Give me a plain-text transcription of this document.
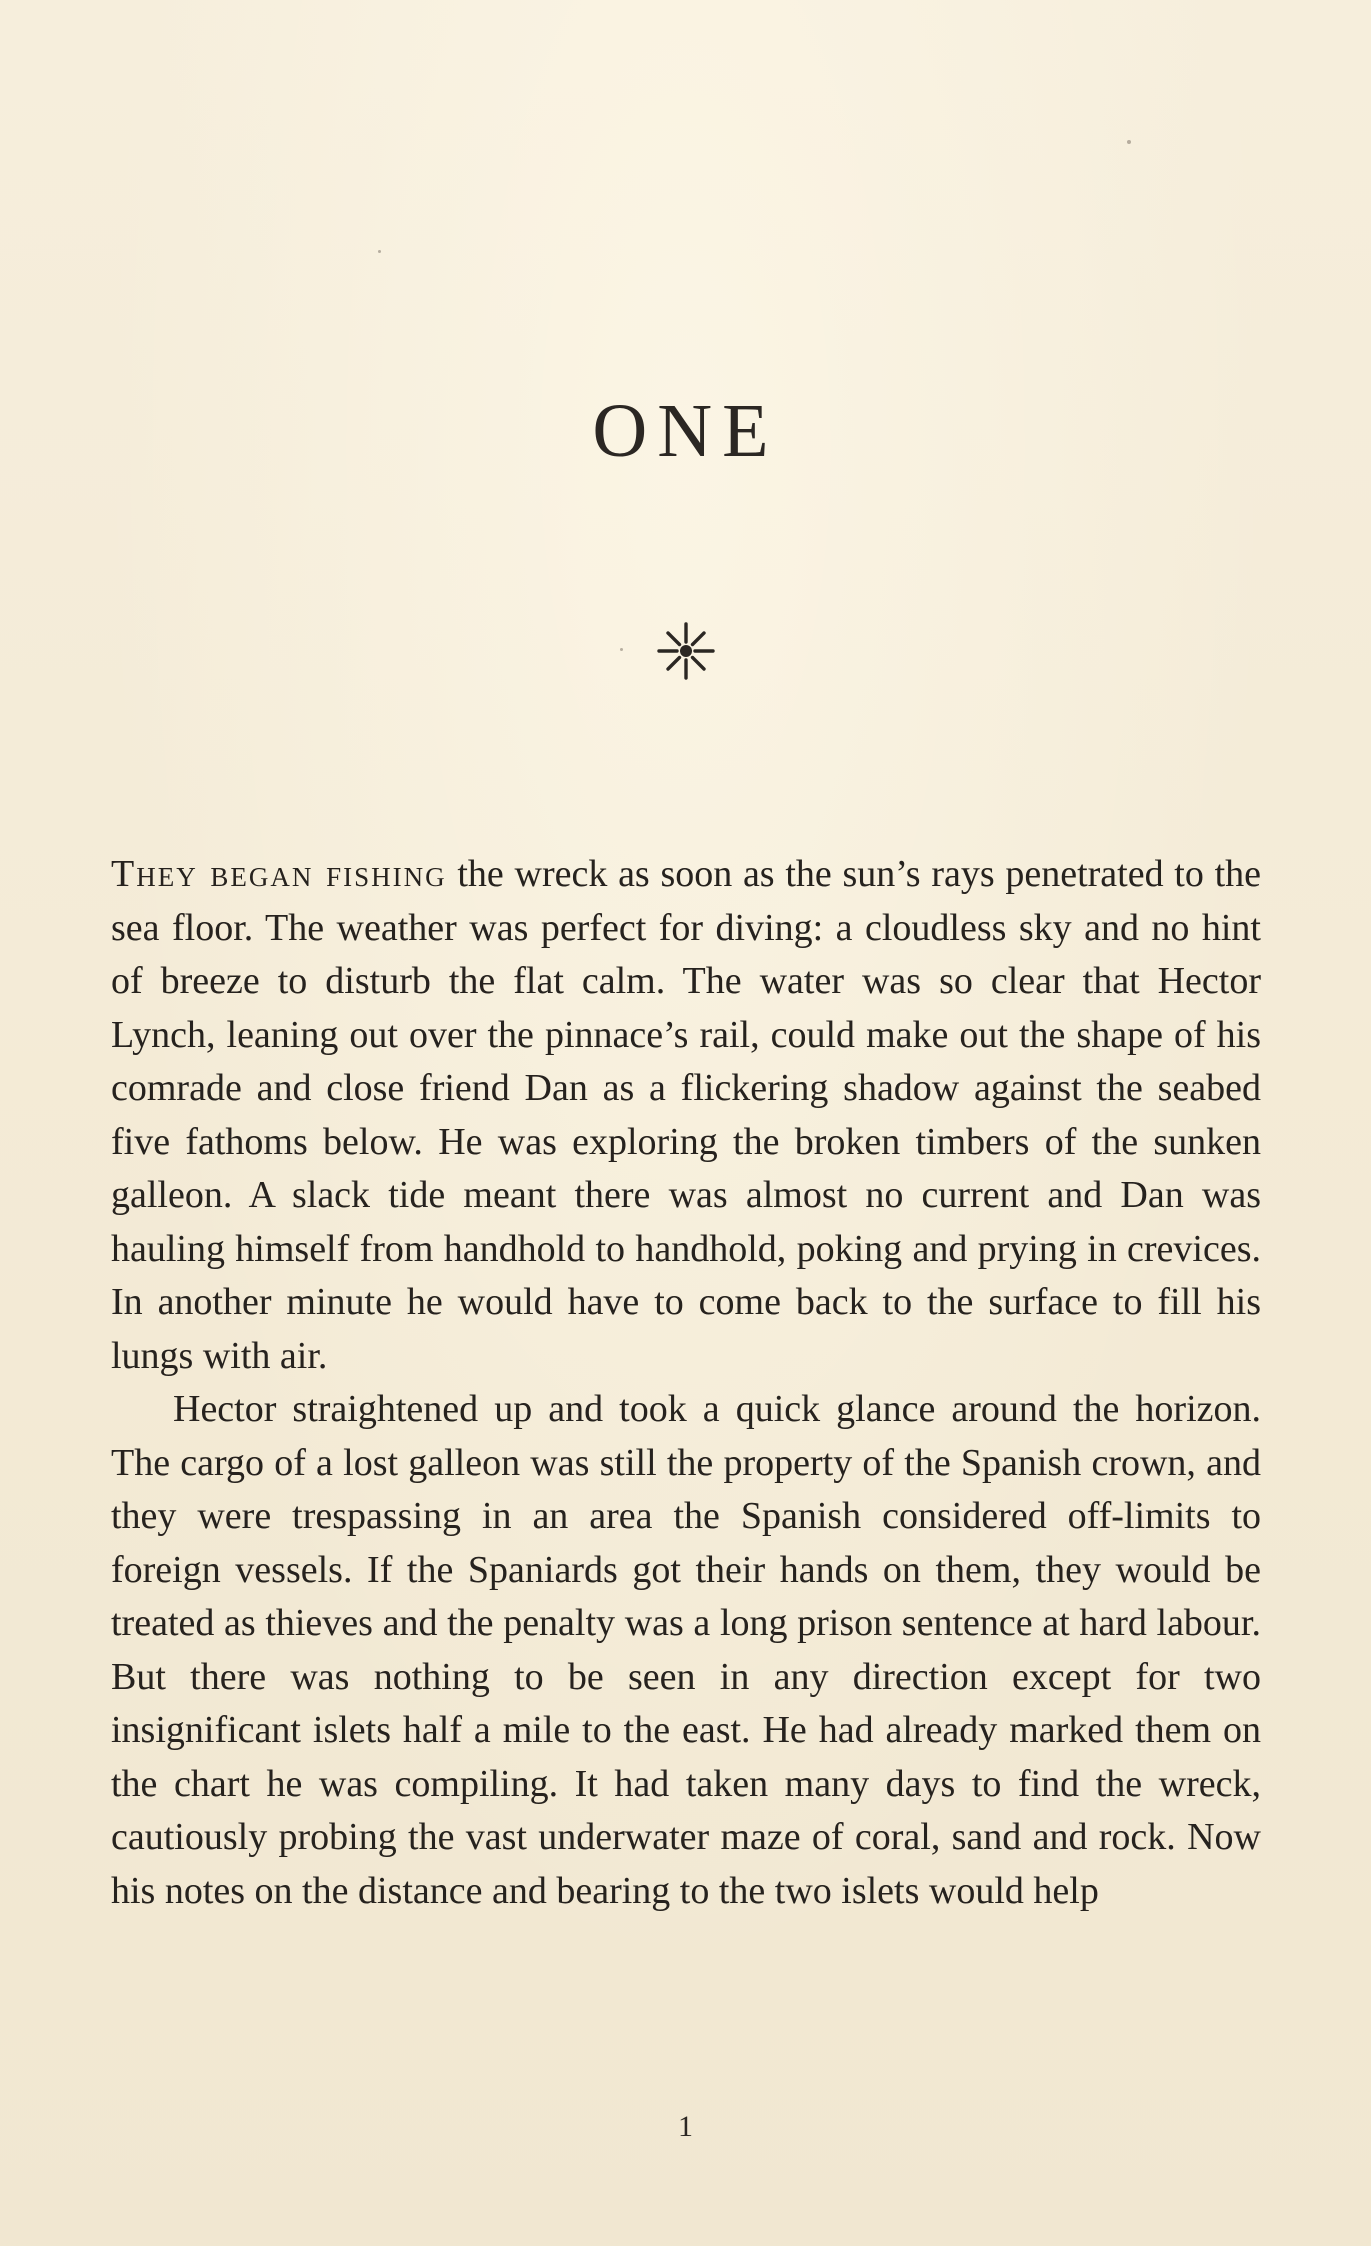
ONE

They began fishing the wreck as soon as the sun’s rays penetrated to the sea floor. The weather was perfect for diving: a cloudless sky and no hint of breeze to disturb the flat calm. The water was so clear that Hector Lynch, leaning out over the pinnace’s rail, could make out the shape of his comrade and close friend Dan as a flickering shadow against the seabed five fathoms below. He was exploring the broken timbers of the sunken galleon. A slack tide meant there was almost no current and Dan was hauling himself from handhold to handhold, poking and prying in crevices. In another minute he would have to come back to the surface to fill his lungs with air.

Hector straightened up and took a quick glance around the horizon. The cargo of a lost galleon was still the property of the Spanish crown, and they were trespassing in an area the Spanish considered off-limits to foreign vessels. If the Spaniards got their hands on them, they would be treated as thieves and the penalty was a long prison sentence at hard labour. But there was nothing to be seen in any direction except for two insignificant islets half a mile to the east. He had already marked them on the chart he was compiling. It had taken many days to find the wreck, cautiously probing the vast underwater maze of coral, sand and rock. Now his notes on the distance and bearing to the two islets would help

1
